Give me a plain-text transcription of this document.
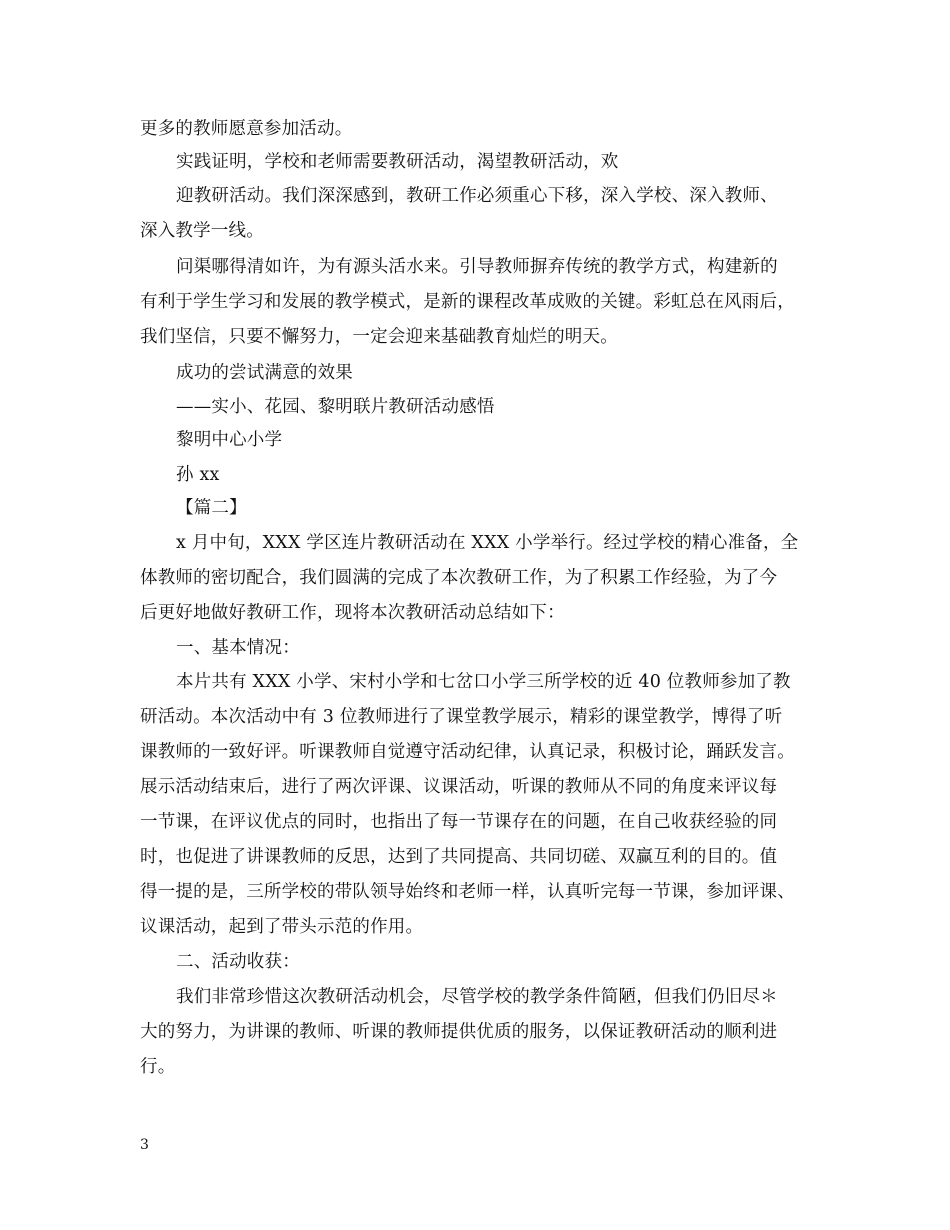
更多的教师愿意参加活动。
实践证明，学校和老师需要教研活动，渴望教研活动，欢
迎教研活动。我们深深感到，教研工作必须重心下移，深入学校、深入教师、
深入教学一线。
问渠哪得清如许，为有源头活水来。引导教师摒弃传统的教学方式，构建新的
有利于学生学习和发展的教学模式，是新的课程改革成败的关键。彩虹总在风雨后，
我们坚信，只要不懈努力，一定会迎来基础教育灿烂的明天。
成功的尝试满意的效果
——实小、花园、黎明联片教研活动感悟
黎明中心小学
孙 xx
【篇二】
x 月中旬，XXX 学区连片教研活动在 XXX 小学举行。经过学校的精心准备，全
体教师的密切配合，我们圆满的完成了本次教研工作，为了积累工作经验，为了今
后更好地做好教研工作，现将本次教研活动总结如下：
一、基本情况：
本片共有 XXX 小学、宋村小学和七岔口小学三所学校的近 40 位教师参加了教
研活动。本次活动中有 3 位教师进行了课堂教学展示，精彩的课堂教学，博得了听
课教师的一致好评。听课教师自觉遵守活动纪律，认真记录，积极讨论，踊跃发言。
展示活动结束后，进行了两次评课、议课活动，听课的教师从不同的角度来评议每
一节课，在评议优点的同时，也指出了每一节课存在的问题，在自己收获经验的同
时，也促进了讲课教师的反思，达到了共同提高、共同切磋、双赢互利的目的。值
得一提的是，三所学校的带队领导始终和老师一样，认真听完每一节课，参加评课、
议课活动，起到了带头示范的作用。
二、活动收获：
我们非常珍惜这次教研活动机会，尽管学校的教学条件简陋，但我们仍旧尽＊
大的努力，为讲课的教师、听课的教师提供优质的服务，以保证教研活动的顺利进
行。
3
